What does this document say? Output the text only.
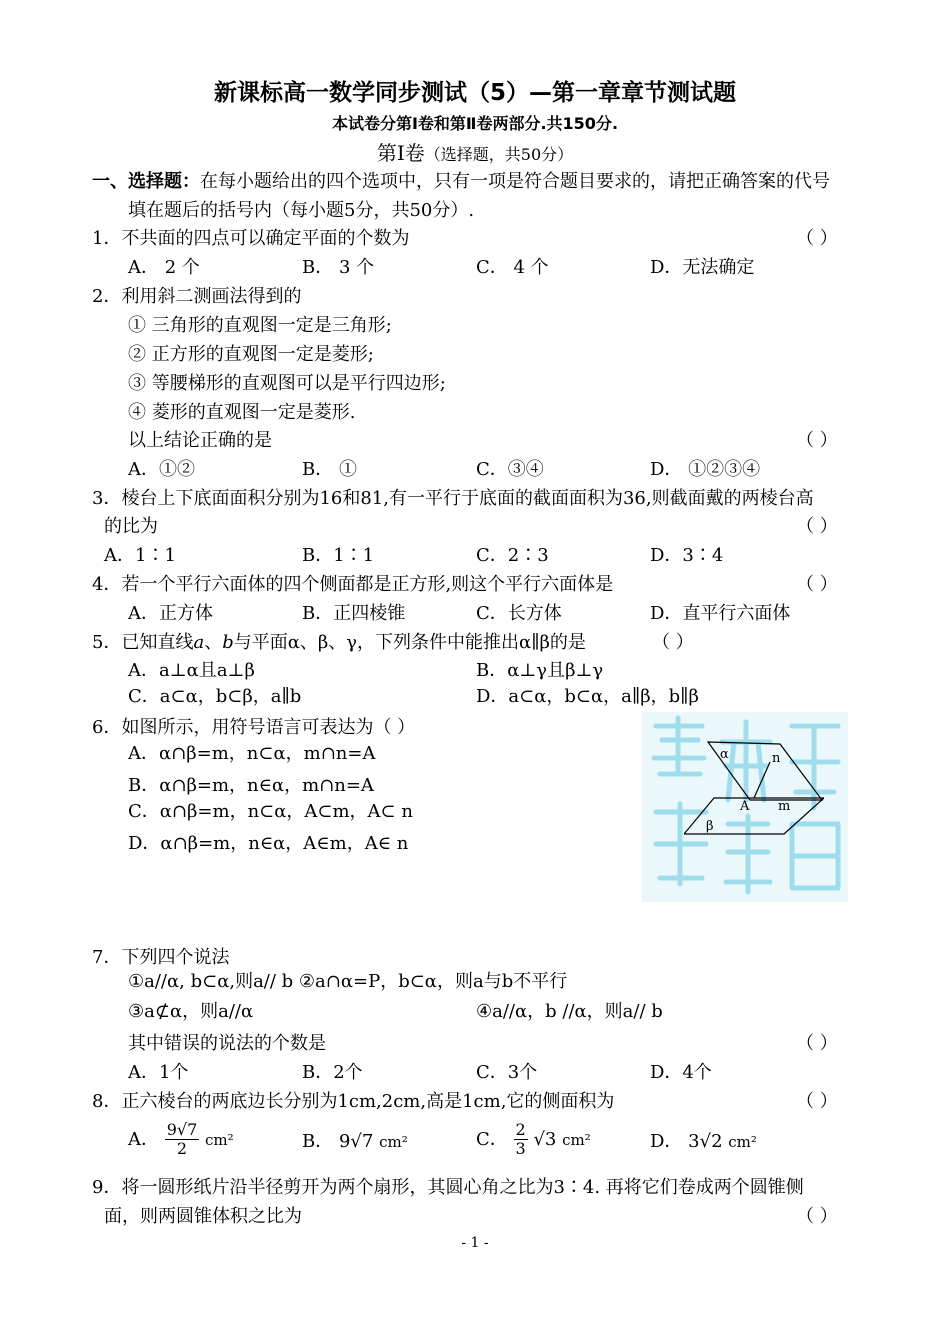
新课标高一数学同步测试（5）—第一章章节测试题
本试卷分第Ⅰ卷和第Ⅱ卷两部分.共150分.
第Ⅰ卷（选择题，共50分）
一、选择题：在每小题给出的四个选项中，只有一项是符合题目要求的，请把正确答案的代号
填在题后的括号内（每小题5分，共50分）.
1．不共面的四点可以确定平面的个数为	（ ）
A． 2 个	B． 3 个	C． 4 个	D．无法确定
2．利用斜二测画法得到的
① 三角形的直观图一定是三角形;
② 正方形的直观图一定是菱形;
③ 等腰梯形的直观图可以是平行四边形;
④ 菱形的直观图一定是菱形.
以上结论正确的是	（ ）
A．①②	B． ①	C．③④	D． ①②③④
3．棱台上下底面面积分别为16和81,有一平行于底面的截面面积为36,则截面戴的两棱台高
的比为	（ ）
A．1∶1	B．1∶1	C．2∶3	D．3∶4
4．若一个平行六面体的四个侧面都是正方形,则这个平行六面体是	（ ）
A．正方体	B．正四棱锥	C．长方体	D．直平行六面体
5．已知直线a、b与平面α、β、γ，下列条件中能推出α∥β的是	（ ）
A．a⊥α且a⊥β	B．α⊥γ且β⊥γ
C．a⊂α，b⊂β，a∥b	D．a⊂α，b⊂α，a∥β，b∥β
6．如图所示，用符号语言可表达为（ ）
A．α∩β=m，n⊂α，m∩n=A
B．α∩β=m，n∈α，m∩n=A
C．α∩β=m，n⊂α，A⊂m，A⊂ n
D．α∩β=m，n∈α，A∈m，A∈ n
α	n
A m
β
7．下列四个说法
①a//α, b⊂α,则a// b ②a∩α=P，b⊂α，则a与b不平行
③a⊄α，则a//α	④a//α，b //α，则a// b
其中错误的说法的个数是	（ ）
A．1个	B．2个	C．3个	D．4个
8．正六棱台的两底边长分别为1cm,2cm,高是1cm,它的侧面积为	（ ）
A． $\frac{9√7}{2} cm^2$	B． 9√7 cm²	C． $\frac{2}{3} √3$ cm²	D． 3√2 cm²
9．将一圆形纸片沿半径剪开为两个扇形，其圆心角之比为3∶4. 再将它们卷成两个圆锥侧
面，则两圆锥体积之比为	（ ）
- 1 -
